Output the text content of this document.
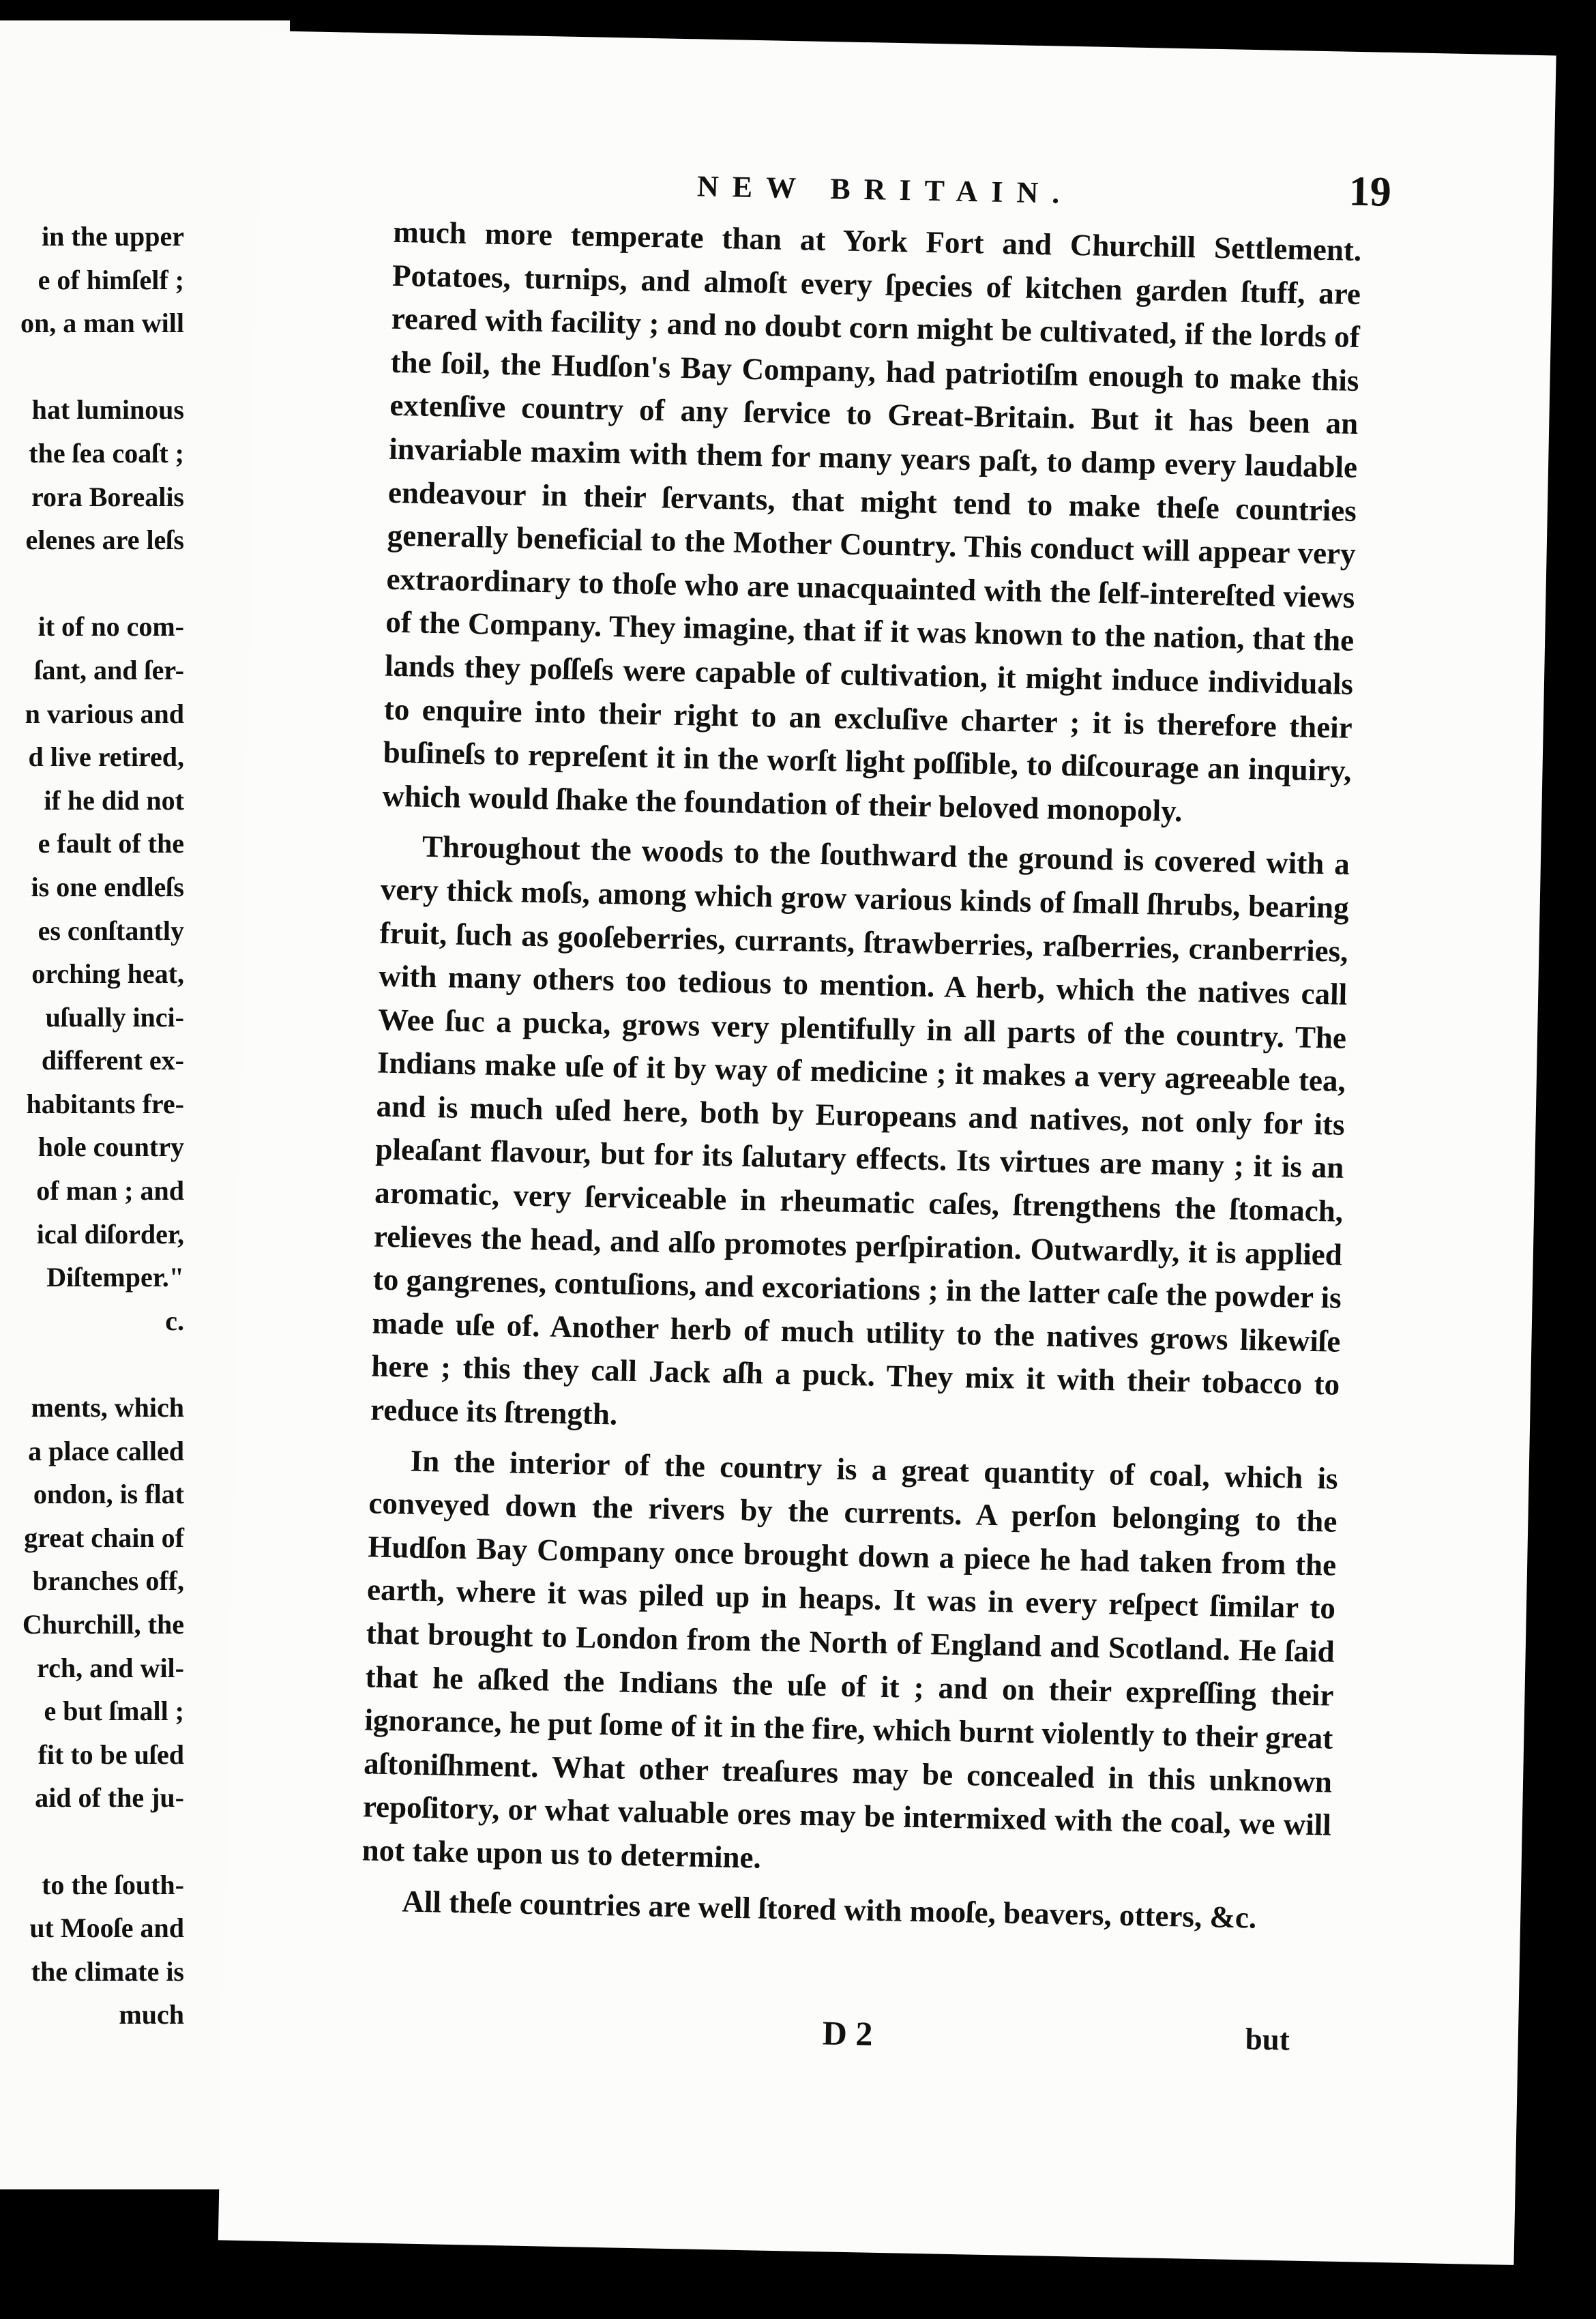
in the upper
e of himſelf ;
on, a man will
hat luminous
the ſea coaſt ;
rora Borealis
elenes are leſs
it of no com-
ſant, and ſer-
n various and
d live retired,
if he did not
e fault of the
is one endleſs
es conſtantly
orching heat,
uſually inci-
different ex-
habitants fre-
hole country
of man ; and
ical diſorder,
Diſtemper."
c.
ments, which
a place called
ondon, is flat
great chain of
branches off,
Churchill, the
rch, and wil-
e but ſmall ;
fit to be uſed
aid of the ju-
to the ſouth-
ut Mooſe and
the climate is
much
NEW BRITAIN.	19

much more temperate than at York Fort and Churchill Settlement. Potatoes, turnips, and almoſt every ſpecies of kitchen garden ſtuff, are reared with facility ; and no doubt corn might be cultivated, if the lords of the ſoil, the Hudſon's Bay Company, had patriotiſm enough to make this extenſive country of any ſervice to Great-Britain. But it has been an invariable maxim with them for many years paſt, to damp every laudable endeavour in their ſervants, that might tend to make theſe countries generally beneficial to the Mother Country. This conduct will appear very extraordinary to thoſe who are unacquainted with the ſelf-intereſted views of the Company. They imagine, that if it was known to the nation, that the lands they poſſeſs were capable of cultivation, it might induce individuals to enquire into their right to an excluſive charter ; it is therefore their buſineſs to repreſent it in the worſt light poſſible, to diſcourage an inquiry, which would ſhake the foundation of their beloved monopoly.

Throughout the woods to the ſouthward the ground is covered with a very thick moſs, among which grow various kinds of ſmall ſhrubs, bearing fruit, ſuch as gooſeberries, currants, ſtrawberries, raſberries, cranberries, with many others too tedious to mention. A herb, which the natives call Wee ſuc a pucka, grows very plentifully in all parts of the country. The Indians make uſe of it by way of medicine ; it makes a very agreeable tea, and is much uſed here, both by Europeans and natives, not only for its pleaſant flavour, but for its ſalutary effects. Its virtues are many ; it is an aromatic, very ſerviceable in rheumatic caſes, ſtrengthens the ſtomach, relieves the head, and alſo promotes perſpiration. Outwardly, it is applied to gangrenes, contuſions, and excoriations ; in the latter caſe the powder is made uſe of. Another herb of much utility to the natives grows likewiſe here ; this they call Jack aſh a puck. They mix it with their tobacco to reduce its ſtrength.

In the interior of the country is a great quantity of coal, which is conveyed down the rivers by the currents. A perſon belonging to the Hudſon Bay Company once brought down a piece he had taken from the earth, where it was piled up in heaps. It was in every reſpect ſimilar to that brought to London from the North of England and Scotland. He ſaid that he aſked the Indians the uſe of it ; and on their expreſſing their ignorance, he put ſome of it in the fire, which burnt violently to their great aſtoniſhment. What other treaſures may be concealed in this unknown repoſitory, or what valuable ores may be intermixed with the coal, we will not take upon us to determine.

All theſe countries are well ſtored with mooſe, beavers, otters, &c.

D 2	but
